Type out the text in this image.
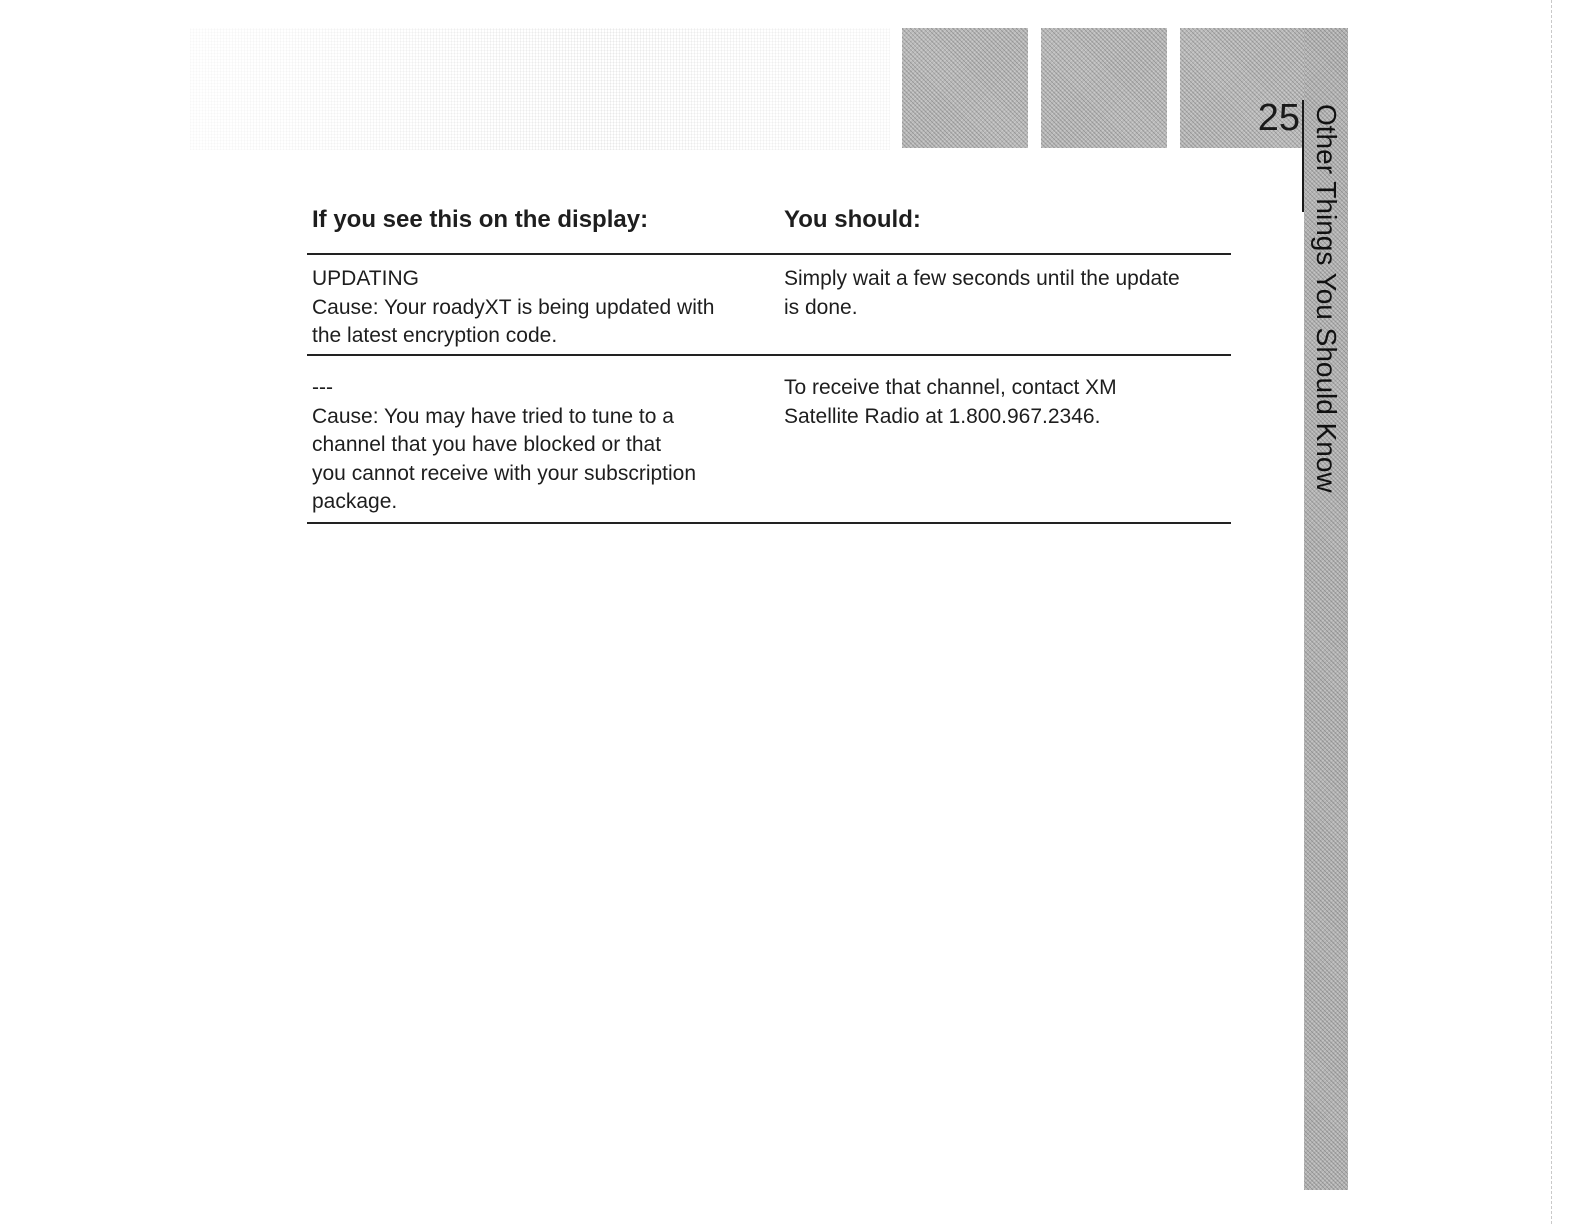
25 Other Things You Should Know
If you see this on the display:	You should:
UPDATING
Cause: Your roadyXT is being updated with
the latest encryption code.
Simply wait a few seconds until the update
is done.
---
Cause: You may have tried to tune to a
channel that you have blocked or that
you cannot receive with your subscription
package.
To receive that channel, contact XM
Satellite Radio at 1.800.967.2346.
